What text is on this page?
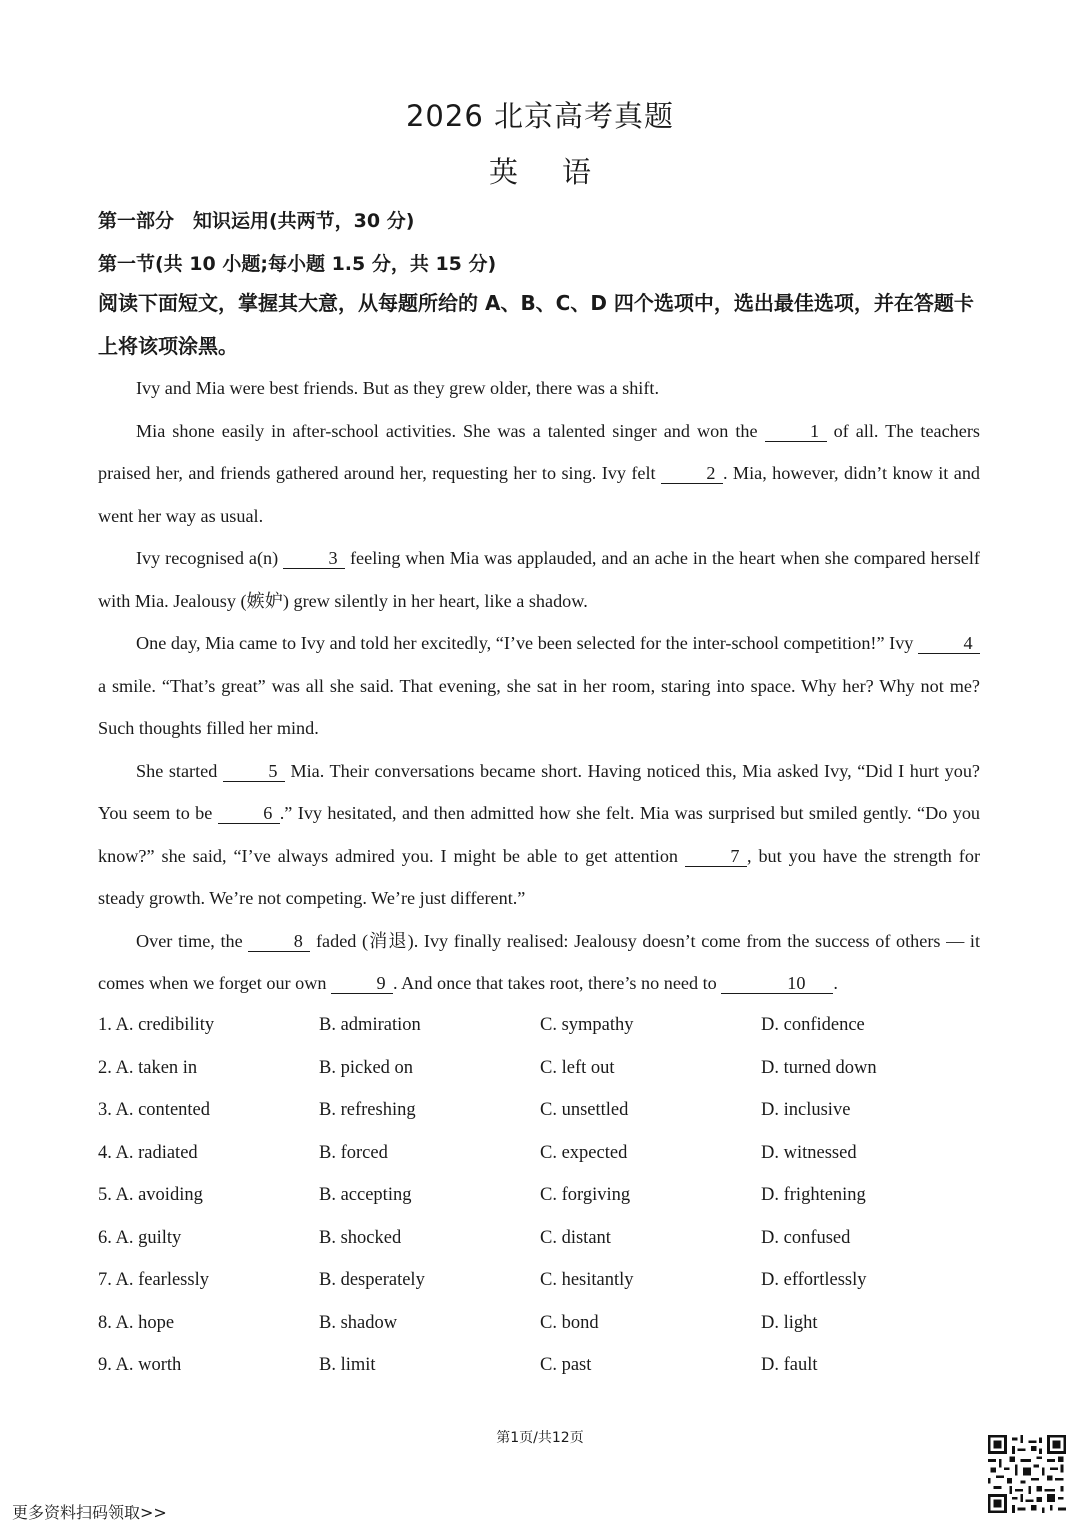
2026 北京高考真题
英 语
第一部分　知识运用(共两节，30 分)
第一节(共 10 小题;每小题 1.5 分，共 15 分)
阅读下面短文，掌握其大意，从每题所给的 A、B、C、D 四个选项中，选出最佳选项，并在答题卡上将该项涂黑。

Ivy and Mia were best friends. But as they grew older, there was a shift.

Mia shone easily in after-school activities. She was a talented singer and won the 1 of all. The teachers praised her, and friends gathered around her, requesting her to sing. Ivy felt 2 . Mia, however, didn’t know it and went her way as usual.

Ivy recognised a(n) 3 feeling when Mia was applauded, and an ache in the heart when she compared herself with Mia. Jealousy (嫉妒) grew silently in her heart, like a shadow.

One day, Mia came to Ivy and told her excitedly, “I’ve been selected for the inter-school competition!” Ivy 4 a smile. “That’s great” was all she said. That evening, she sat in her room, staring into space. Why her? Why not me? Such thoughts filled her mind.

She started 5 Mia. Their conversations became short. Having noticed this, Mia asked Ivy, “Did I hurt you? You seem to be 6 .” Ivy hesitated, and then admitted how she felt. Mia was surprised but smiled gently. “Do you know?” she said, “I’ve always admired you. I might be able to get attention 7 , but you have the strength for steady growth. We’re not competing. We’re just different.”

Over time, the 8 faded (消退). Ivy finally realised: Jealousy doesn’t come from the success of others — it comes when we forget our own 9 . And once that takes root, there’s no need to	10 .

1. A. credibility	B. admiration	C. sympathy	D. confidence
2. A. taken in	B. picked on	C. left out	D. turned down
3. A. contented	B. refreshing	C. unsettled	D. inclusive
4. A. radiated	B. forced	C. expected	D. witnessed
5. A. avoiding	B. accepting	C. forgiving	D. frightening
6. A. guilty	B. shocked	C. distant	D. confused
7. A. fearlessly	B. desperately	C. hesitantly	D. effortlessly
8. A. hope	B. shadow	C. bond	D. light
9. A. worth	B. limit	C. past	D. fault
第1页/共12页
更多资料扫码领取>>
